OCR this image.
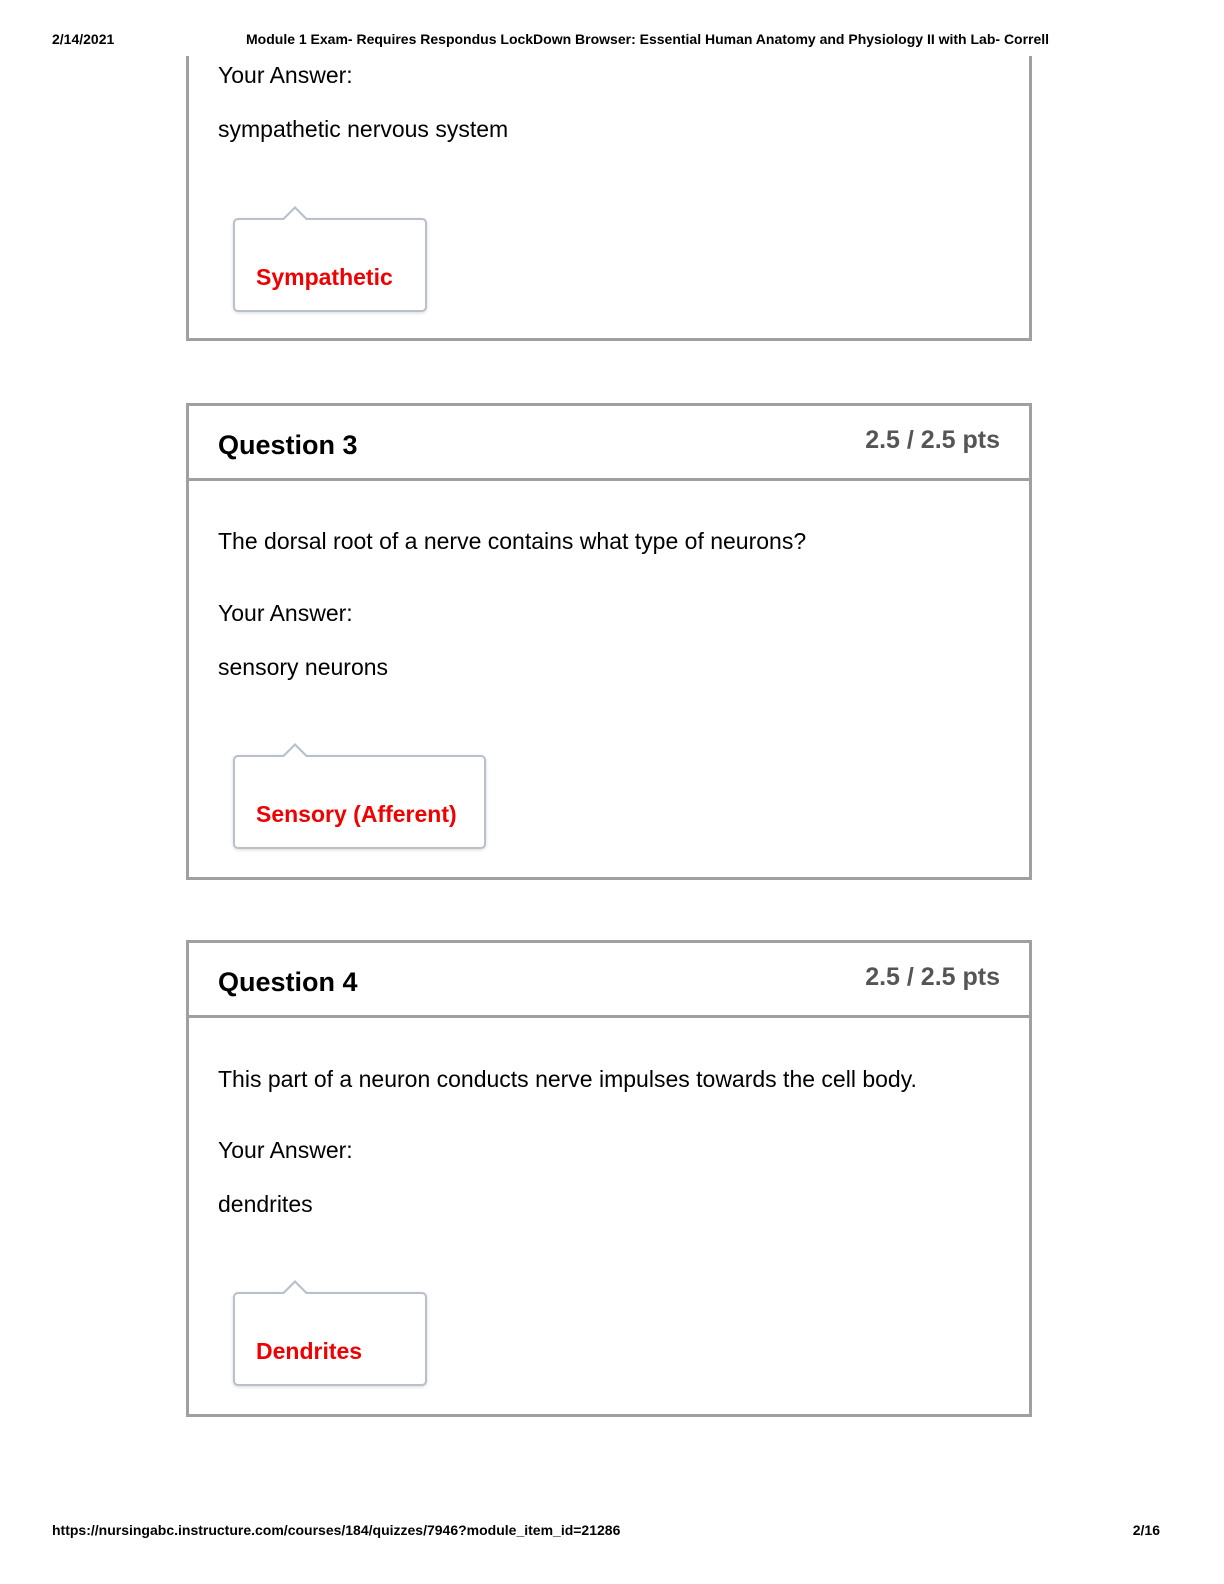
2/14/2021	Module 1 Exam- Requires Respondus LockDown Browser: Essential Human Anatomy and Physiology II with Lab- Correll
Your Answer:
sympathetic nervous system
Sympathetic
Question 3	2.5 / 2.5 pts
The dorsal root of a nerve contains what type of neurons?
Your Answer:
sensory neurons
Sensory (Afferent)
Question 4	2.5 / 2.5 pts
This part of a neuron conducts nerve impulses towards the cell body.
Your Answer:
dendrites
Dendrites
https://nursingabc.instructure.com/courses/184/quizzes/7946?module_item_id=21286	2/16
